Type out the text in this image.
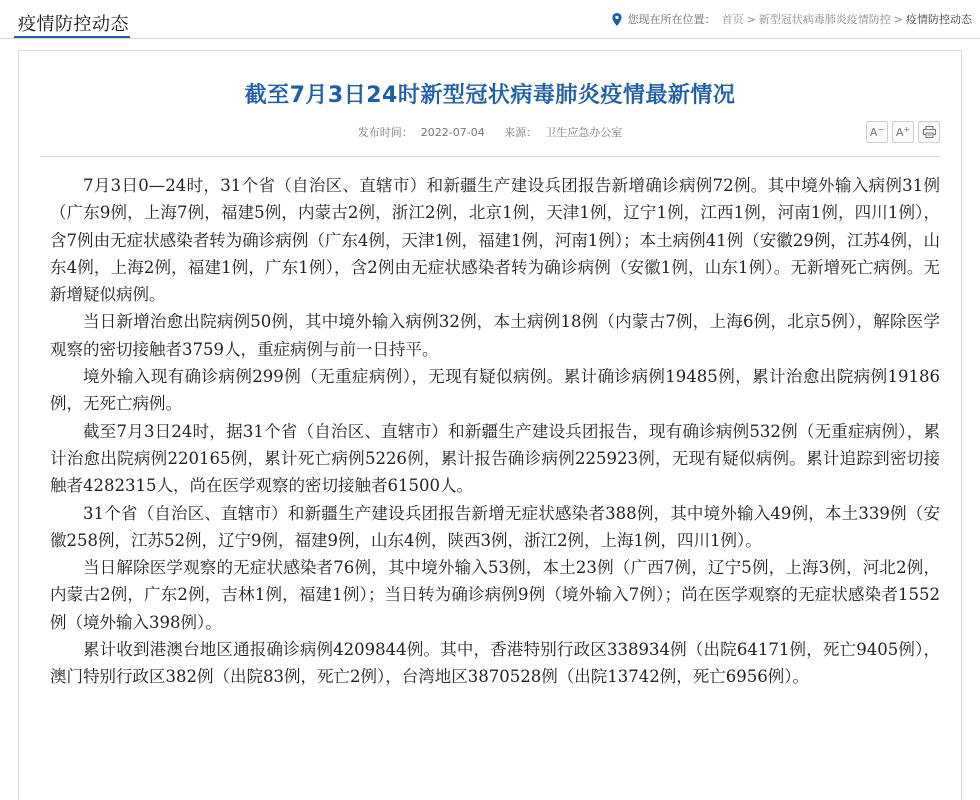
疫情防控动态	您现在所在位置： 首页 > 新型冠状病毒肺炎疫情防控 > 疫情防控动态
截至7月3日24时新型冠状病毒肺炎疫情最新情况
发布时间： 2022-07-04 来源： 卫生应急办公室	A− A+

7月3日0—24时，31个省（自治区、直辖市）和新疆生产建设兵团报告新增确诊病例72例。其中境外输入病例31例（广东9例，上海7例，福建5例，内蒙古2例，浙江2例，北京1例，天津1例，辽宁1例，江西1例，河南1例，四川1例），含7例由无症状感染者转为确诊病例（广东4例，天津1例，福建1例，河南1例）；本土病例41例（安徽29例，江苏4例，山东4例，上海2例，福建1例，广东1例），含2例由无症状感染者转为确诊病例（安徽1例，山东1例）。无新增死亡病例。无新增疑似病例。

当日新增治愈出院病例50例，其中境外输入病例32例，本土病例18例（内蒙古7例，上海6例，北京5例），解除医学观察的密切接触者3759人，重症病例与前一日持平。

境外输入现有确诊病例299例（无重症病例），无现有疑似病例。累计确诊病例19485例，累计治愈出院病例19186例，无死亡病例。

截至7月3日24时，据31个省（自治区、直辖市）和新疆生产建设兵团报告，现有确诊病例532例（无重症病例），累计治愈出院病例220165例，累计死亡病例5226例，累计报告确诊病例225923例，无现有疑似病例。累计追踪到密切接触者4282315人，尚在医学观察的密切接触者61500人。

31个省（自治区、直辖市）和新疆生产建设兵团报告新增无症状感染者388例，其中境外输入49例，本土339例（安徽258例，江苏52例，辽宁9例，福建9例，山东4例，陕西3例，浙江2例，上海1例，四川1例）。

当日解除医学观察的无症状感染者76例，其中境外输入53例，本土23例（广西7例，辽宁5例，上海3例，河北2例，内蒙古2例，广东2例，吉林1例，福建1例）；当日转为确诊病例9例（境外输入7例）；尚在医学观察的无症状感染者1552例（境外输入398例）。

累计收到港澳台地区通报确诊病例4209844例。其中，香港特别行政区338934例（出院64171例，死亡9405例），澳门特别行政区382例（出院83例，死亡2例），台湾地区3870528例（出院13742例，死亡6956例）。
